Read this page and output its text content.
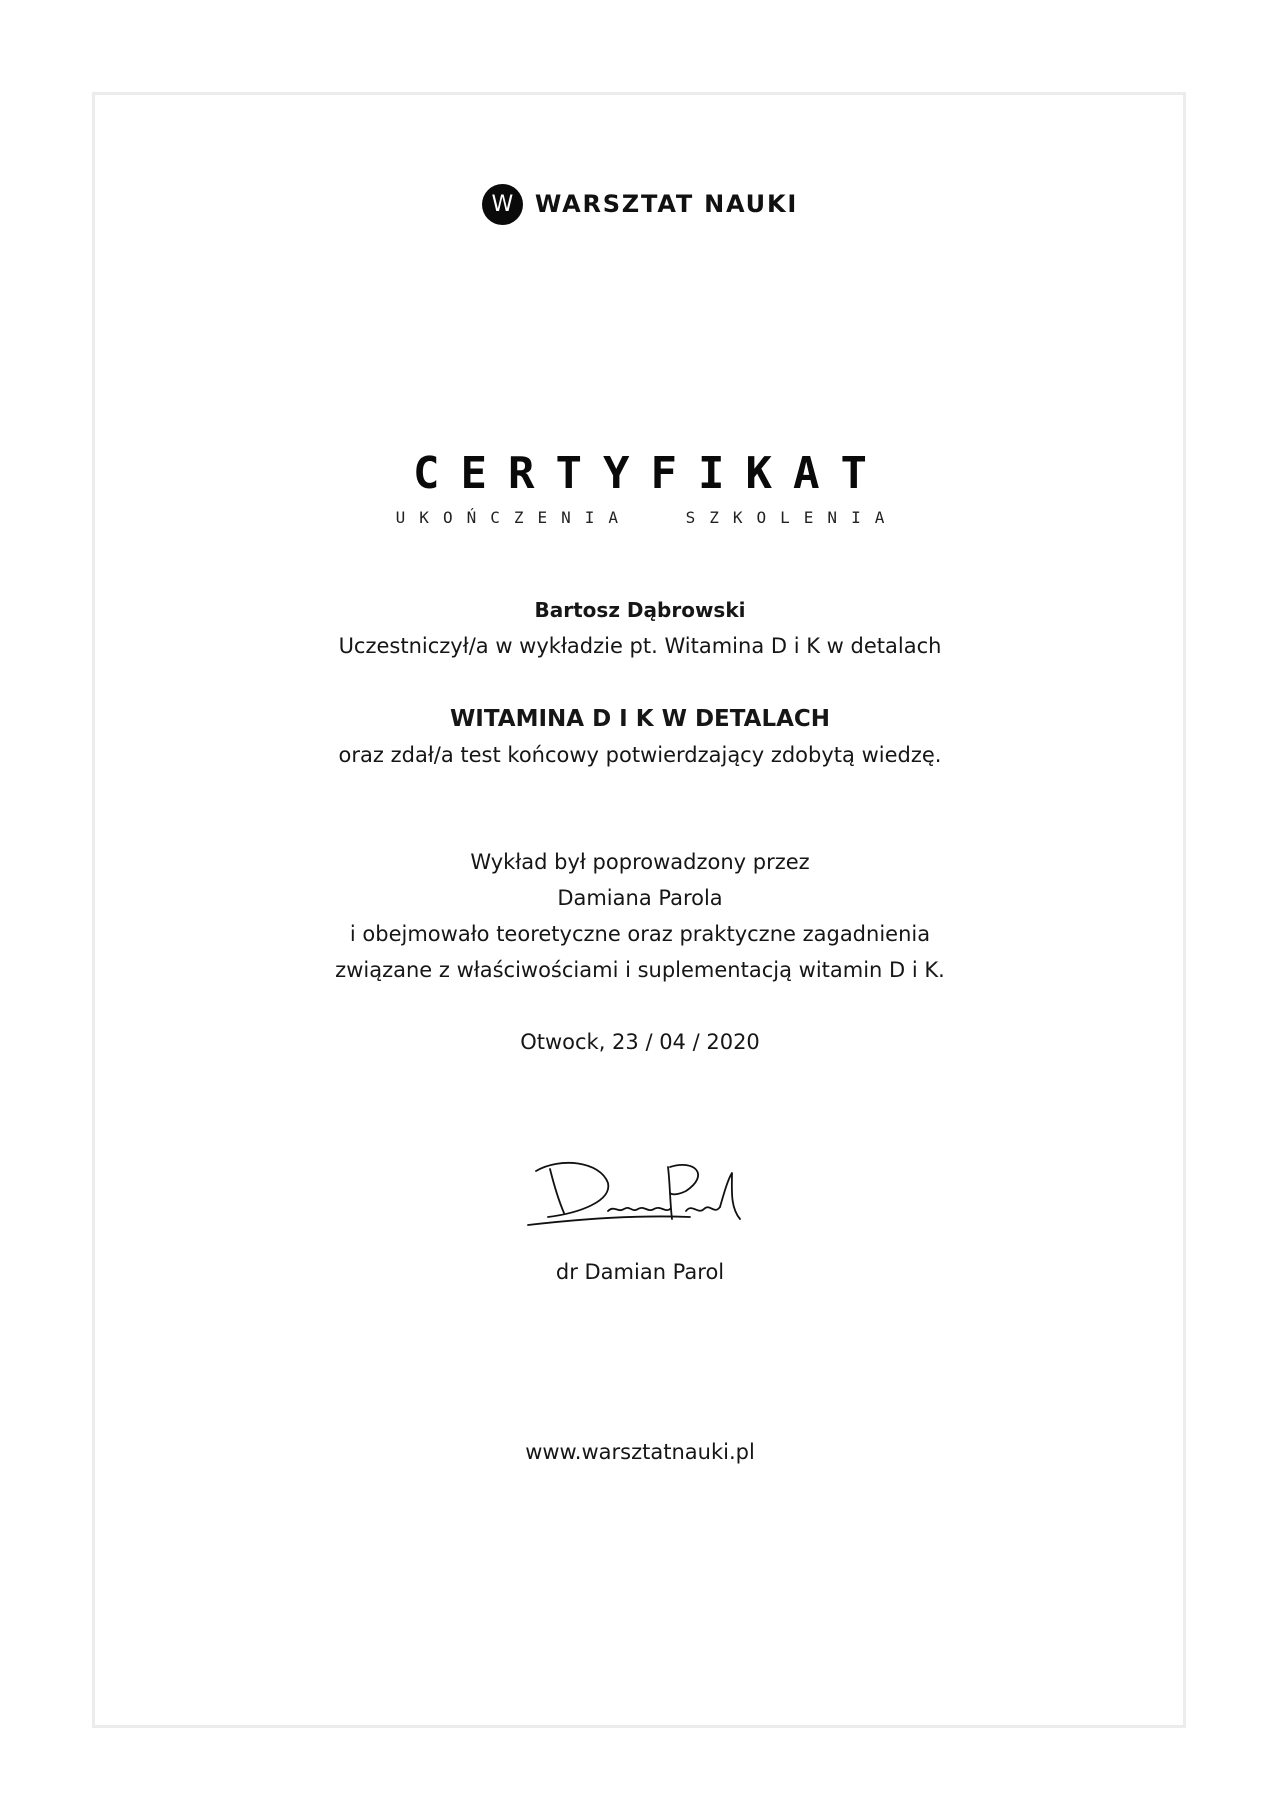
W WARSZTAT NAUKI
CERTYFIKAT
UKOŃCZENIA SZKOLENIA
Bartosz Dąbrowski
Uczestniczył/a w wykładzie pt. Witamina D i K w detalach
WITAMINA D I K W DETALACH
oraz zdał/a test końcowy potwierdzający zdobytą wiedzę.
Wykład był poprowadzony przez
Damiana Parola
i obejmowało teoretyczne oraz praktyczne zagadnienia
związane z właściwościami i suplementacją witamin D i K.
Otwock, 23 / 04 / 2020
dr Damian Parol
www.warsztatnauki.pl
